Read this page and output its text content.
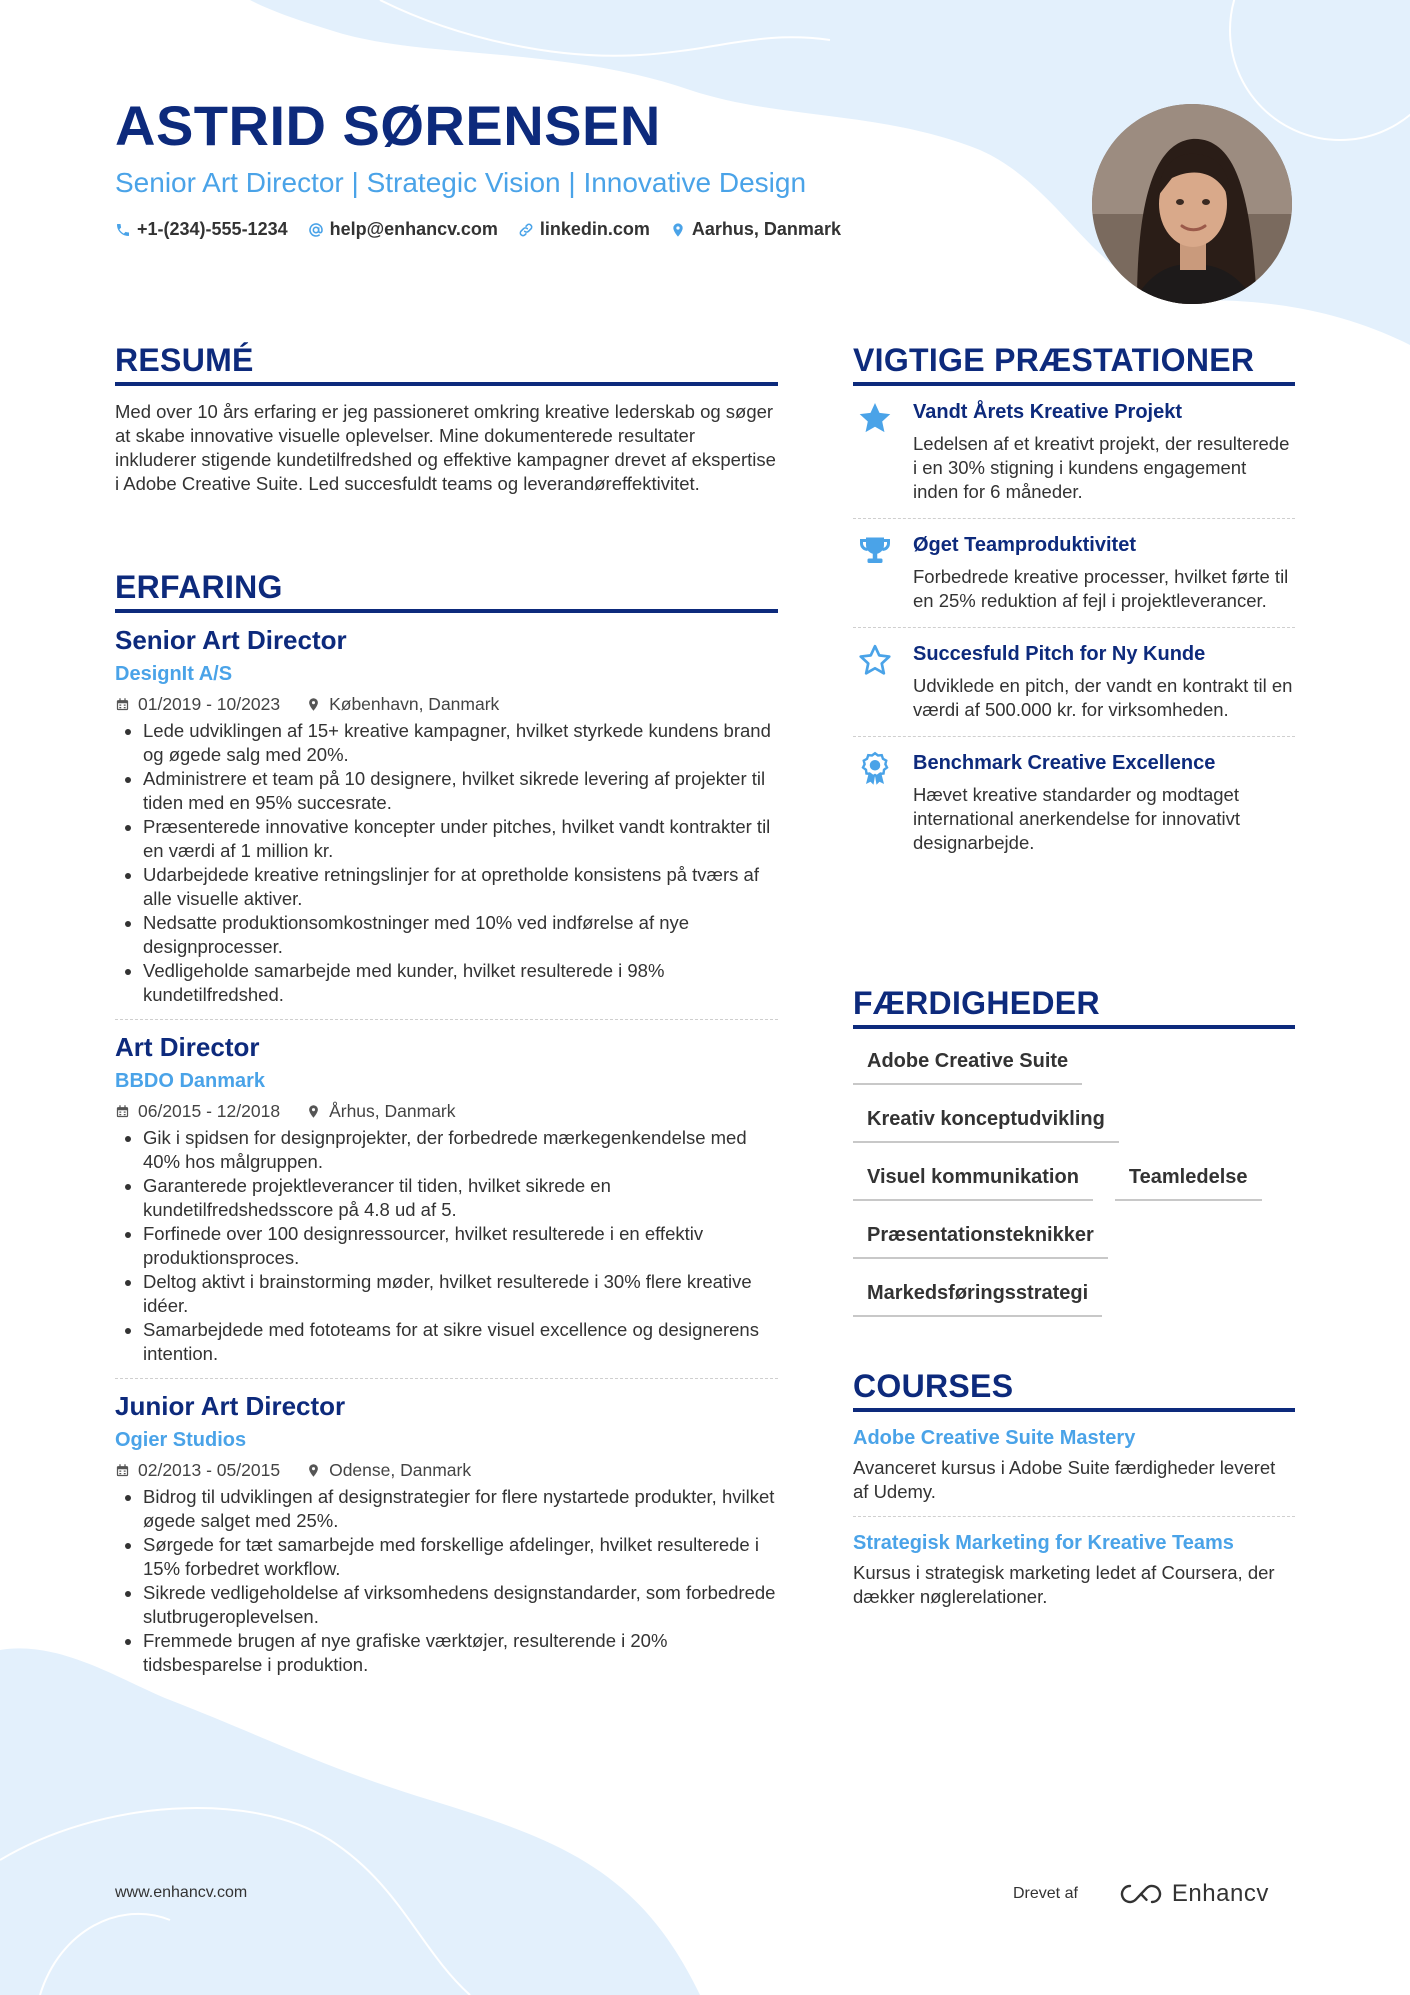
ASTRID SØRENSEN
Senior Art Director | Strategic Vision | Innovative Design
+1-(234)-555-1234 help@enhancv.com linkedin.com Aarhus, Danmark
RESUMÉ

Med over 10 års erfaring er jeg passioneret omkring kreative lederskab og søger at skabe innovative visuelle oplevelser. Mine dokumenterede resultater inkluderer stigende kundetilfredshed og effektive kampagner drevet af ekspertise i Adobe Creative Suite. Led succesfuldt teams og leverandøreffektivitet.

ERFARING
Senior Art Director
DesignIt A/S
01/2019 - 10/2023	København, Danmark
• Lede udviklingen af 15+ kreative kampagner, hvilket styrkede kundens brand og øgede salg med 20%.
• Administrere et team på 10 designere, hvilket sikrede levering af projekter til tiden med en 95% succesrate.
• Præsenterede innovative koncepter under pitches, hvilket vandt kontrakter til en værdi af 1 million kr.
• Udarbejdede kreative retningslinjer for at opretholde konsistens på tværs af alle visuelle aktiver.
• Nedsatte produktionsomkostninger med 10% ved indførelse af nye designprocesser.
• Vedligeholde samarbejde med kunder, hvilket resulterede i 98% kundetilfredshed.
Art Director
BBDO Danmark
06/2015 - 12/2018	Århus, Danmark
• Gik i spidsen for designprojekter, der forbedrede mærkegenkendelse med 40% hos målgruppen.
• Garanterede projektleverancer til tiden, hvilket sikrede en kundetilfredshedsscore på 4.8 ud af 5.
• Forfinede over 100 designressourcer, hvilket resulterede i en effektiv produktionsproces.
• Deltog aktivt i brainstorming møder, hvilket resulterede i 30% flere kreative idéer.
• Samarbejdede med fototeams for at sikre visuel excellence og designerens intention.
Junior Art Director
Ogier Studios
02/2013 - 05/2015	Odense, Danmark
• Bidrog til udviklingen af designstrategier for flere nystartede produkter, hvilket øgede salget med 25%.
• Sørgede for tæt samarbejde med forskellige afdelinger, hvilket resulterede i 15% forbedret workflow.
• Sikrede vedligeholdelse af virksomhedens designstandarder, som forbedrede slutbrugeroplevelsen.
• Fremmede brugen af nye grafiske værktøjer, resulterende i 20% tidsbesparelse i produktion.
VIGTIGE PRÆSTATIONER
Vandt Årets Kreative Projekt
Ledelsen af et kreativt projekt, der resulterede i en 30% stigning i kundens engagement inden for 6 måneder.
Øget Teamproduktivitet
Forbedrede kreative processer, hvilket førte til en 25% reduktion af fejl i projektleverancer.
Succesfuld Pitch for Ny Kunde
Udviklede en pitch, der vandt en kontrakt til en værdi af 500.000 kr. for virksomheden.
Benchmark Creative Excellence
Hævet kreative standarder og modtaget international anerkendelse for innovativt designarbejde.
FÆRDIGHEDER
Adobe Creative Suite
Kreativ konceptudvikling
Visuel kommunikation	Teamledelse
Præsentationsteknikker
Markedsføringsstrategi
COURSES
Adobe Creative Suite Mastery
Avanceret kursus i Adobe Suite færdigheder leveret af Udemy.
Strategisk Marketing for Kreative Teams
Kursus i strategisk marketing ledet af Coursera, der dækker nøglerelationer.
www.enhancv.com	Drevet af	Enhancv
